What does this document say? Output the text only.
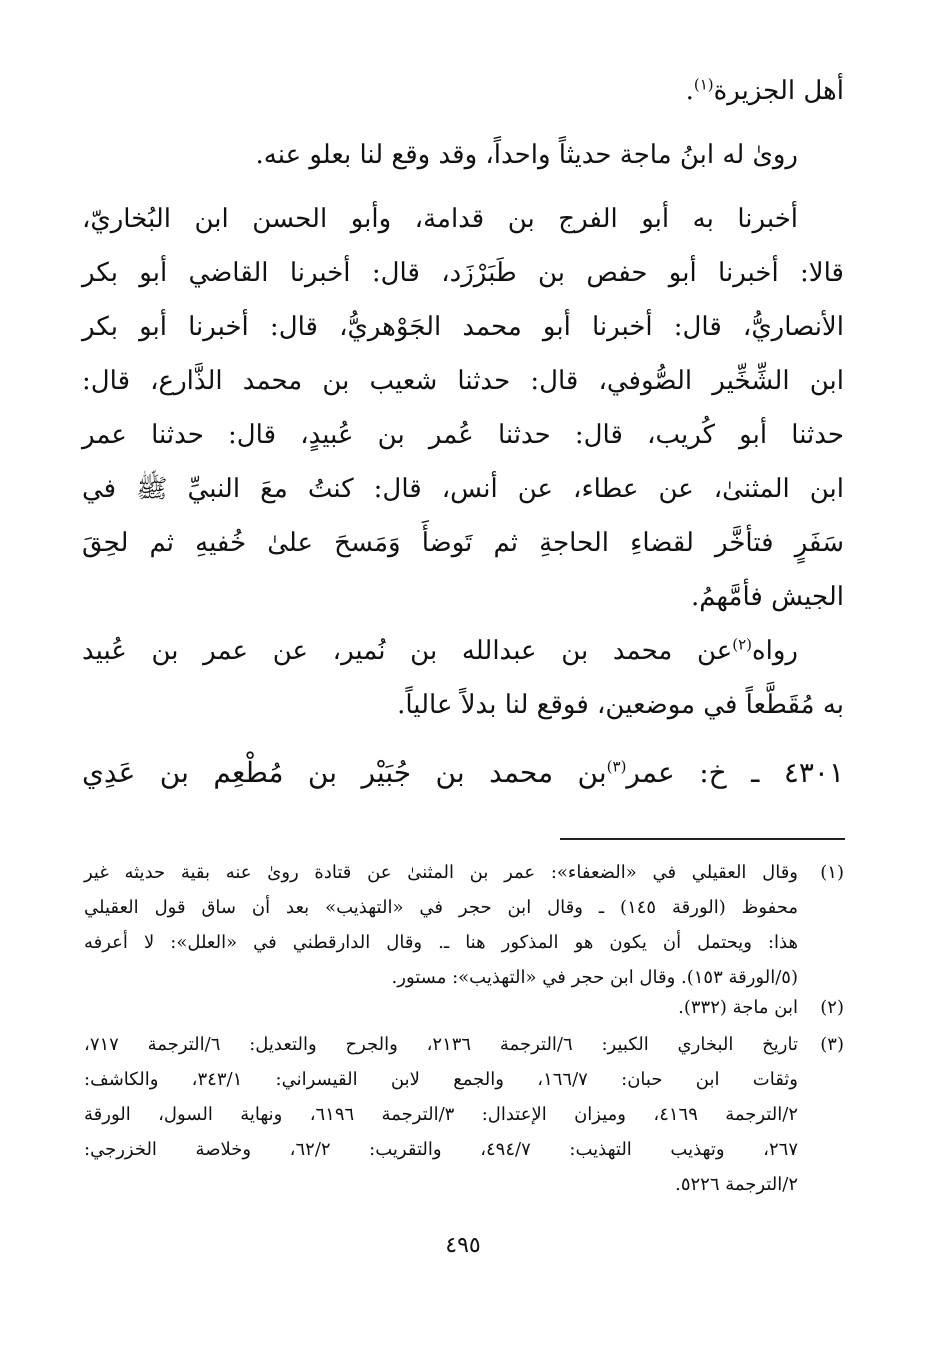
أهل الجزيرة$^{(١)}$.
روىٰ له ابنُ ماجة حديثاً واحداً، وقد وقع لنا بعلو عنه.
أخبرنا به أبو الفرج بن قدامة، وأبو الحسن ابن البُخاريّ،
قالا: أخبرنا أبو حفص بن طَبَرْزَد، قال: أخبرنا القاضي أبو بكر
الأنصاريُّ، قال: أخبرنا أبو محمد الجَوْهريُّ، قال: أخبرنا أبو بكر
ابن الشِّخِّير الصُّوفي، قال: حدثنا شعيب بن محمد الذَّارع، قال:
حدثنا أبو كُريب، قال: حدثنا عُمر بن عُبيدٍ، قال: حدثنا عمر
ابن المثنىٰ، عن عطاء، عن أنس، قال: كنتُ معَ النبيِّ ﷺ في
سَفَرٍ فتأخَّر لقضاءِ الحاجةِ ثم تَوضأَ وَمَسحَ علىٰ خُفيهِ ثم لحِقَ
الجيش فأمَّهمُ.
رواه$^{(٢)}$عن محمد بن عبدالله بن نُمير، عن عمر بن عُبيد
به مُقَطَّعاً في موضعين، فوقع لنا بدلاً عالياً.
٤٣٠١ ـ خ: عمر$^{(٣)}$بن محمد بن جُبَيْر بن مُطْعِم بن عَدِي
(١)
وقال العقيلي في «الضعفاء»: عمر بن المثنىٰ عن قتادة روىٰ عنه بقية حديثه غير
محفوظ (الورقة ١٤٥) ـ وقال ابن حجر في «التهذيب» بعد أن ساق قول العقيلي
هذا: ويحتمل أن يكون هو المذكور هنا ـ. وقال الدارقطني في «العلل»: لا أعرفه
(٥/الورقة ١٥٣). وقال ابن حجر في «التهذيب»: مستور.
(٢)
ابن ماجة (٣٣٢).
(٣)
تاريخ البخاري الكبير: ٦/الترجمة ٢١٣٦، والجرح والتعديل: ٦/الترجمة ٧١٧،
وثقات ابن حبان: ١٦٦/٧، والجمع لابن القيسراني: ٣٤٣/١، والكاشف:
٢/الترجمة ٤١٦٩، وميزان الإعتدال: ٣/الترجمة ٦١٩٦، ونهاية السول، الورقة
٢٦٧، وتهذيب التهذيب: ٤٩٤/٧، والتقريب: ٦٢/٢، وخلاصة الخزرجي:
٢/الترجمة ٥٢٢٦.
٤٩٥
